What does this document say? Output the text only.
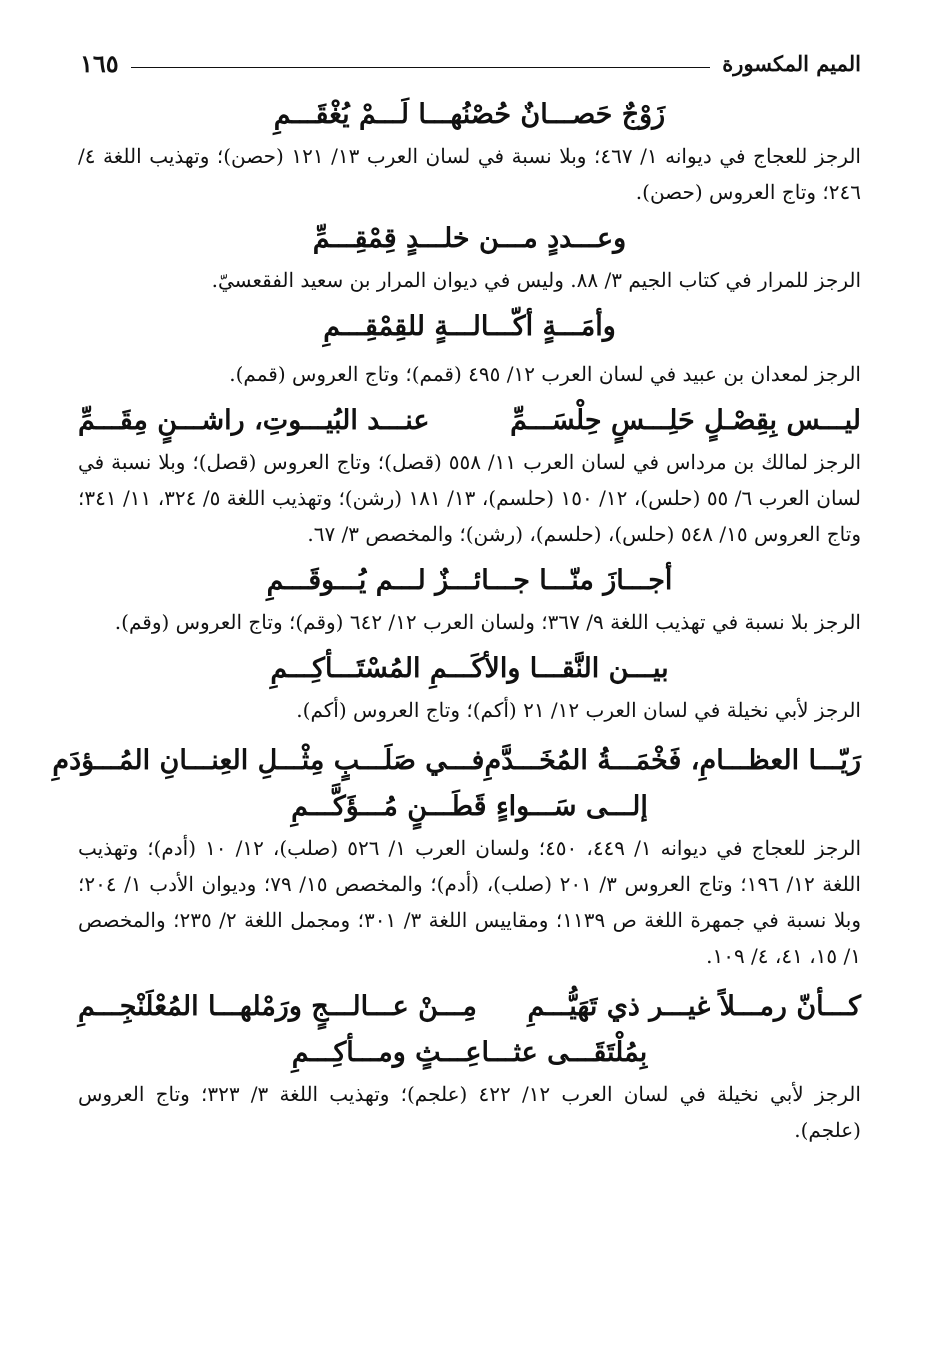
الميم المكسورة
١٦٥
زَوْجٌ حَصـــانٌ حُصْنُهـــا لَـــمْ يُغْقَـــمِ
الرجز للعجاج في ديوانه ١/ ٤٦٧؛ وبلا نسبة في لسان العرب ١٣/ ١٢١ (حصن)؛ وتهذيب اللغة ٤/ ٢٤٦؛ وتاج العروس (حصن).
وعـــددٍ مـــن خلـــدٍ قِمْقِـــمِّ
الرجز للمرار في كتاب الجيم ٣/ ٨٨. وليس في ديوان المرار بن سعيد الفقعسيّ.
وأمَـــةٍ أكّـــالـــةٍ للقِمْقِـــمِ
الرجز لمعدان بن عبيد في لسان العرب ١٢/ ٤٩٥ (قمم)؛ وتاج العروس (قمم).
ليـــس بِقِصْـلٍ حَلِـــسٍ حِلْسَـــمِّ
عنـــد البُيـــوتِ، راشـــنٍ مِقَـــمِّ
الرجز لمالك بن مرداس في لسان العرب ١١/ ٥٥٨ (قصل)؛ وتاج العروس (قصل)؛ وبلا نسبة في لسان العرب ٦/ ٥٥ (حلس)، ١٢/ ١٥٠ (حلسم)، ١٣/ ١٨١ (رشن)؛ وتهذيب اللغة ٥/ ٣٢٤، ١١/ ٣٤١؛ وتاج العروس ١٥/ ٥٤٨ (حلس)، (حلسم)، (رشن)؛ والمخصص ٣/ ٦٧.
أجـــازَ منّـــا جـــائـــزٌ لـــم يُـــوقَـــمِ
الرجز بلا نسبة في تهذيب اللغة ٩/ ٣٦٧؛ ولسان العرب ١٢/ ٦٤٢ (وقم)؛ وتاج العروس (وقم).
بيـــن النَّقـــا والأكَـــمِ المُسْتَـــأكِـــمِ
الرجز لأبي نخيلة في لسان العرب ١٢/ ٢١ (أكم)؛ وتاج العروس (أكم).
رَيّـــا العظـــامِ، فَخْمَـــةُ المُخَـــدَّمِ
فـــي صَلَـــبٍ مِثْـــلِ العِنـــانِ المُـــؤدَمِ
إلـــى سَـــواءٍ قَطَـــنٍ مُـــؤَكَّـــمِ
الرجز للعجاج في ديوانه ١/ ٤٤٩، ٤٥٠؛ ولسان العرب ١/ ٥٢٦ (صلب)، ١٢/ ١٠ (أدم)؛ وتهذيب اللغة ١٢/ ١٩٦؛ وتاج العروس ٣/ ٢٠١ (صلب)، (أدم)؛ والمخصص ١٥/ ٧٩؛ وديوان الأدب ١/ ٢٠٤؛ وبلا نسبة في جمهرة اللغة ص ١١٣٩؛ ومقاييس اللغة ٣/ ٣٠١؛ ومجمل اللغة ٢/ ٢٣٥؛ والمخصص ١/ ١٥، ٤١، ٤/ ١٠٩.
كـــأنّ رمـــلاً غيـــر ذي تَهَيُّـــمِ
مِـــنْ عـــالـــجٍ ورَمْلهـــا المُعْلَنْجِـــمِ
بِمُلْتَقَـــى عثـــاعِـــثٍ ومـــأكِـــمِ
الرجز لأبي نخيلة في لسان العرب ١٢/ ٤٢٢ (علجم)؛ وتهذيب اللغة ٣/ ٣٢٣؛ وتاج العروس (علجم).
